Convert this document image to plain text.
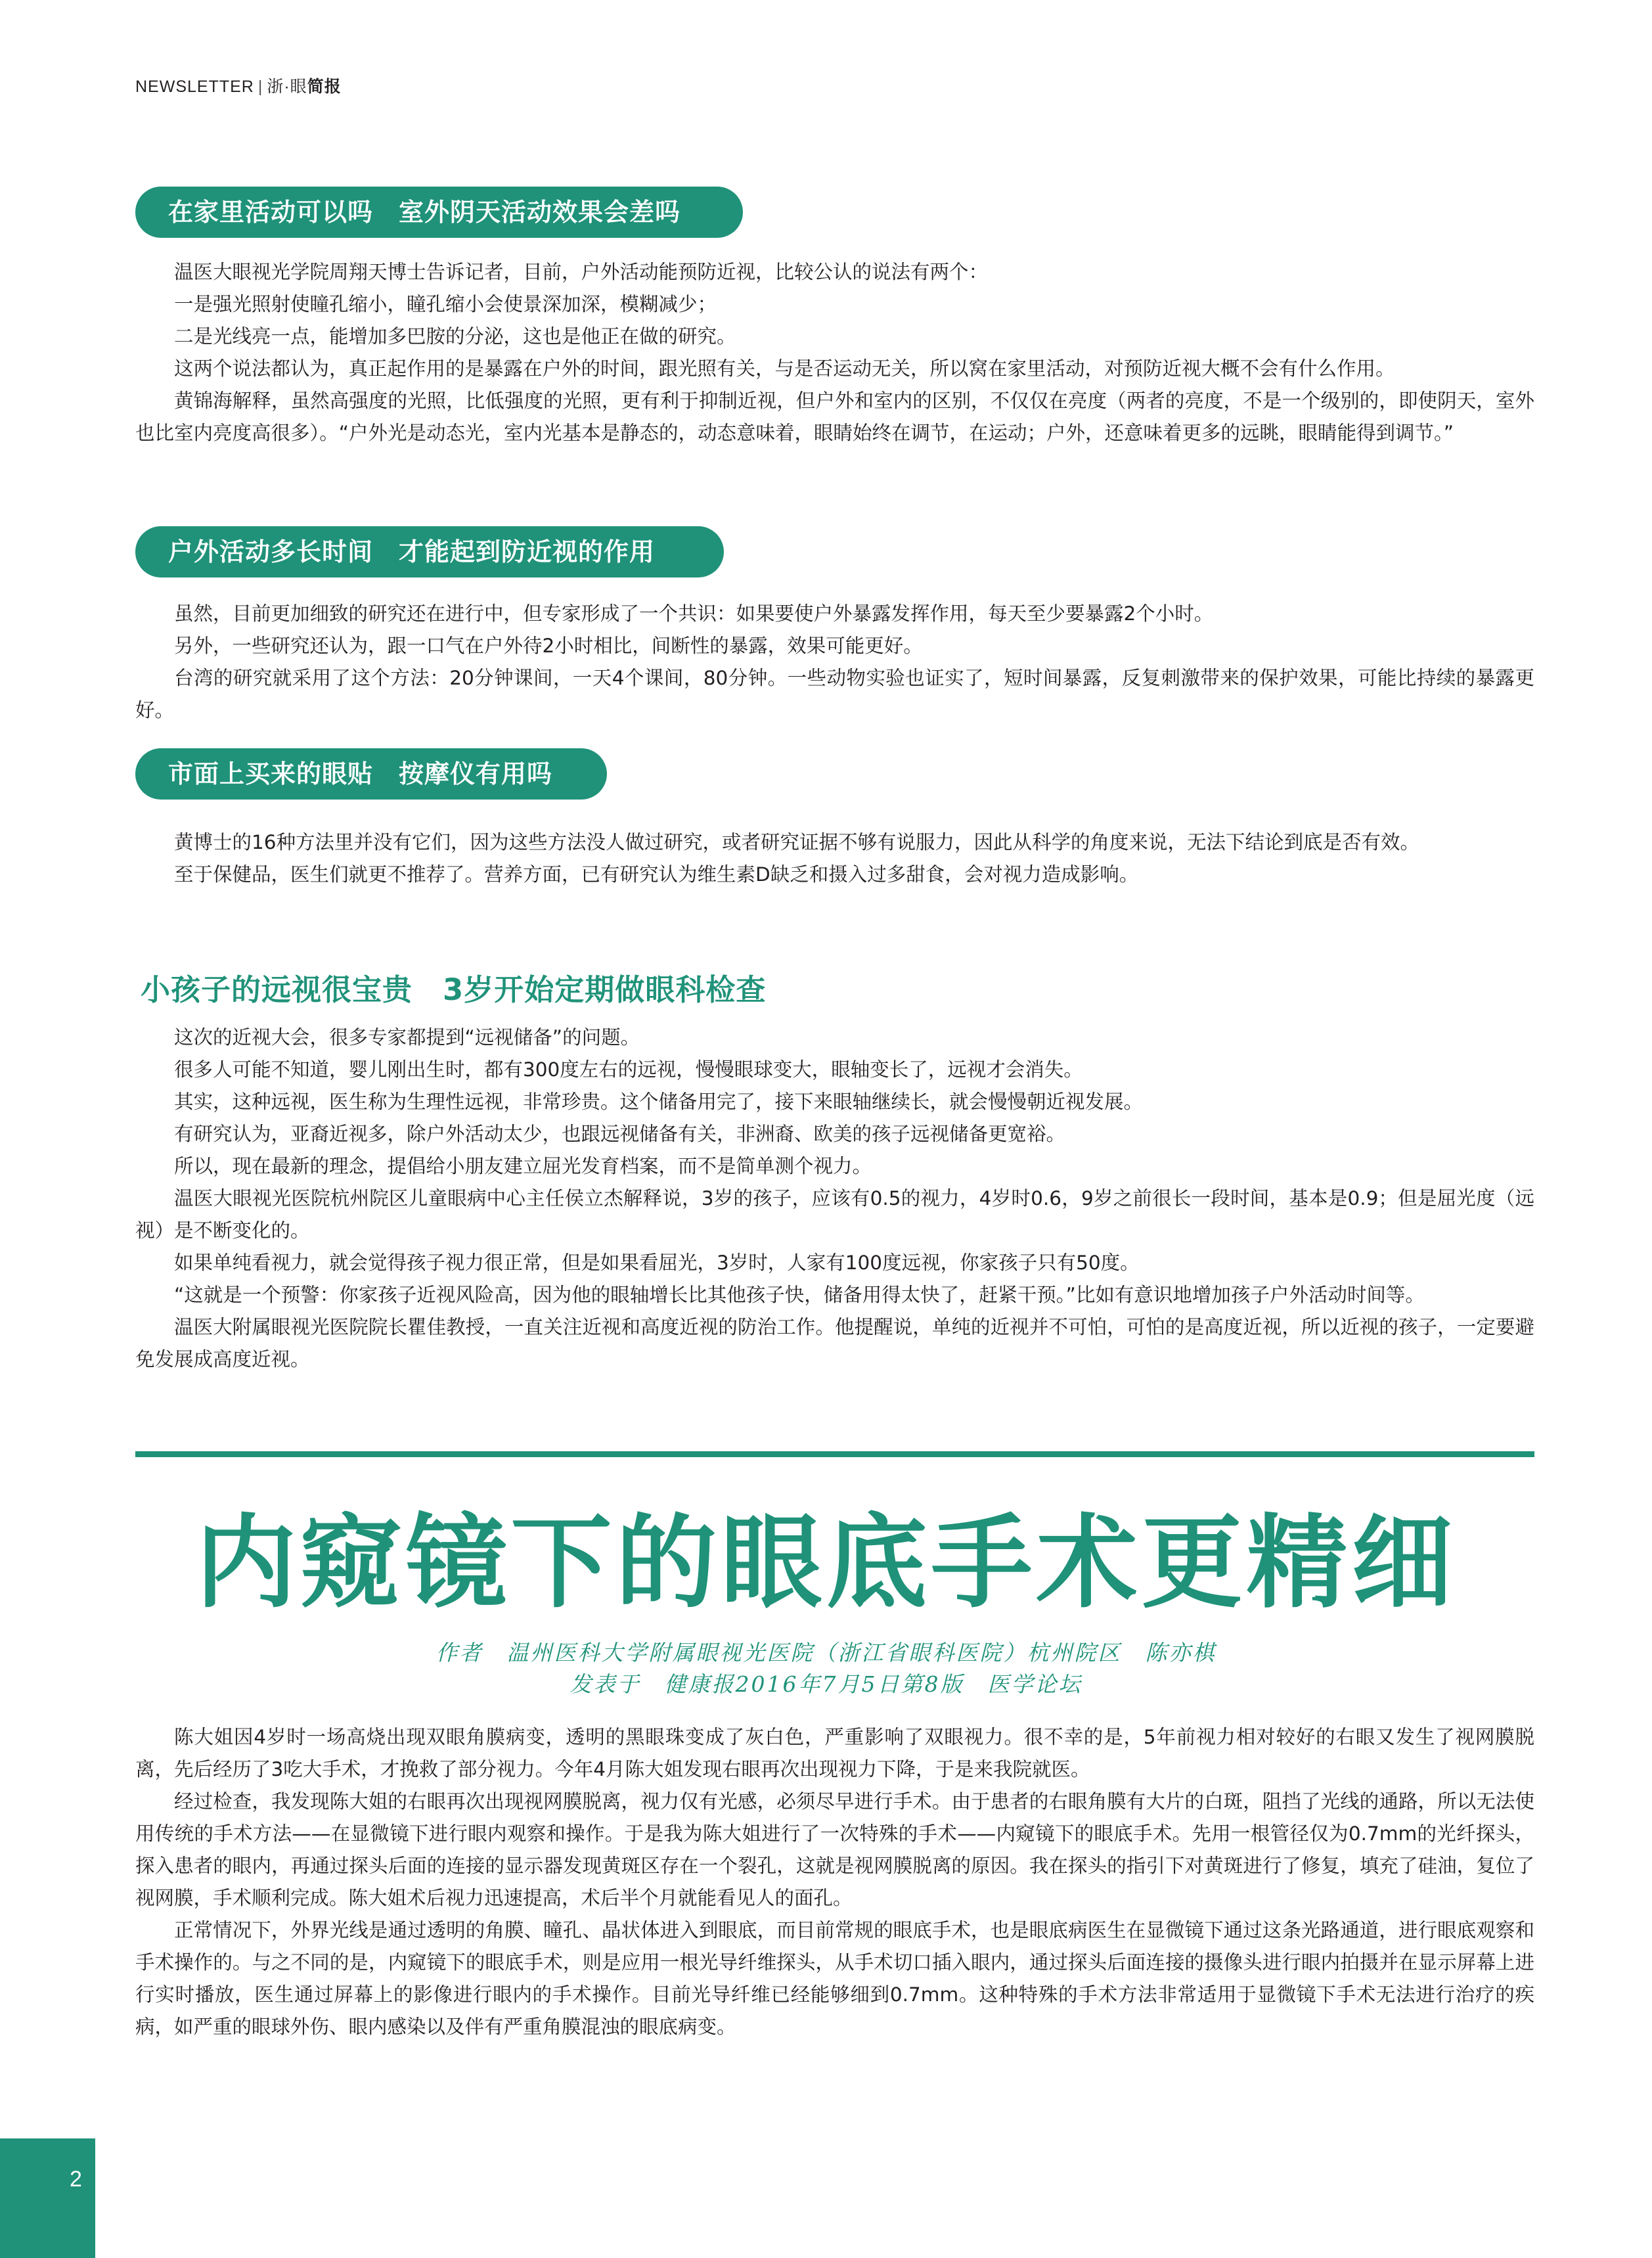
NEWSLETTER | 浙·眼简报
在家里活动可以吗　室外阴天活动效果会差吗

温医大眼视光学院周翔天博士告诉记者，目前，户外活动能预防近视，比较公认的说法有两个：

一是强光照射使瞳孔缩小，瞳孔缩小会使景深加深，模糊减少；

二是光线亮一点，能增加多巴胺的分泌，这也是他正在做的研究。

这两个说法都认为，真正起作用的是暴露在户外的时间，跟光照有关，与是否运动无关，所以窝在家里活动，对预防近视大概不会有什么作用。

黄锦海解释，虽然高强度的光照，比低强度的光照，更有利于抑制近视，但户外和室内的区别，不仅仅在亮度（两者的亮度，不是一个级别的，即使阴天，室外也比室内亮度高很多）。“户外光是动态光，室内光基本是静态的，动态意味着，眼睛始终在调节，在运动；户外，还意味着更多的远眺，眼睛能得到调节。”

户外活动多长时间　才能起到防近视的作用

虽然，目前更加细致的研究还在进行中，但专家形成了一个共识：如果要使户外暴露发挥作用，每天至少要暴露2个小时。

另外，一些研究还认为，跟一口气在户外待2小时相比，间断性的暴露，效果可能更好。

台湾的研究就采用了这个方法：20分钟课间，一天4个课间，80分钟。一些动物实验也证实了，短时间暴露，反复刺激带来的保护效果，可能比持续的暴露更好。

市面上买来的眼贴　按摩仪有用吗

黄博士的16种方法里并没有它们，因为这些方法没人做过研究，或者研究证据不够有说服力，因此从科学的角度来说，无法下结论到底是否有效。

至于保健品，医生们就更不推荐了。营养方面，已有研究认为维生素D缺乏和摄入过多甜食，会对视力造成影响。

小孩子的远视很宝贵　3岁开始定期做眼科检查

这次的近视大会，很多专家都提到“远视储备”的问题。

很多人可能不知道，婴儿刚出生时，都有300度左右的远视，慢慢眼球变大，眼轴变长了，远视才会消失。

其实，这种远视，医生称为生理性远视，非常珍贵。这个储备用完了，接下来眼轴继续长，就会慢慢朝近视发展。

有研究认为，亚裔近视多，除户外活动太少，也跟远视储备有关，非洲裔、欧美的孩子远视储备更宽裕。

所以，现在最新的理念，提倡给小朋友建立屈光发育档案，而不是简单测个视力。

温医大眼视光医院杭州院区儿童眼病中心主任侯立杰解释说，3岁的孩子，应该有0.5的视力，4岁时0.6，9岁之前很长一段时间，基本是0.9；但是屈光度（远视）是不断变化的。

如果单纯看视力，就会觉得孩子视力很正常，但是如果看屈光，3岁时，人家有100度远视，你家孩子只有50度。

“这就是一个预警：你家孩子近视风险高，因为他的眼轴增长比其他孩子快，储备用得太快了，赶紧干预。”比如有意识地增加孩子户外活动时间等。

温医大附属眼视光医院院长瞿佳教授，一直关注近视和高度近视的防治工作。他提醒说，单纯的近视并不可怕，可怕的是高度近视，所以近视的孩子，一定要避免发展成高度近视。

内窥镜下的眼底手术更精细
作者　温州医科大学附属眼视光医院（浙江省眼科医院）杭州院区　陈亦棋
发表于　健康报2016年7月5日第8版　医学论坛

陈大姐因4岁时一场高烧出现双眼角膜病变，透明的黑眼珠变成了灰白色，严重影响了双眼视力。很不幸的是，5年前视力相对较好的右眼又发生了视网膜脱离，先后经历了3吃大手术，才挽救了部分视力。今年4月陈大姐发现右眼再次出现视力下降，于是来我院就医。

经过检查，我发现陈大姐的右眼再次出现视网膜脱离，视力仅有光感，必须尽早进行手术。由于患者的右眼角膜有大片的白斑，阻挡了光线的通路，所以无法使用传统的手术方法——在显微镜下进行眼内观察和操作。于是我为陈大姐进行了一次特殊的手术——内窥镜下的眼底手术。先用一根管径仅为0.7mm的光纤探头，探入患者的眼内，再通过探头后面的连接的显示器发现黄斑区存在一个裂孔，这就是视网膜脱离的原因。我在探头的指引下对黄斑进行了修复，填充了硅油，复位了视网膜，手术顺利完成。陈大姐术后视力迅速提高，术后半个月就能看见人的面孔。

正常情况下，外界光线是通过透明的角膜、瞳孔、晶状体进入到眼底，而目前常规的眼底手术，也是眼底病医生在显微镜下通过这条光路通道，进行眼底观察和手术操作的。与之不同的是，内窥镜下的眼底手术，则是应用一根光导纤维探头，从手术切口插入眼内，通过探头后面连接的摄像头进行眼内拍摄并在显示屏幕上进行实时播放，医生通过屏幕上的影像进行眼内的手术操作。目前光导纤维已经能够细到0.7mm。这种特殊的手术方法非常适用于显微镜下手术无法进行治疗的疾病，如严重的眼球外伤、眼内感染以及伴有严重角膜混浊的眼底病变。

2
